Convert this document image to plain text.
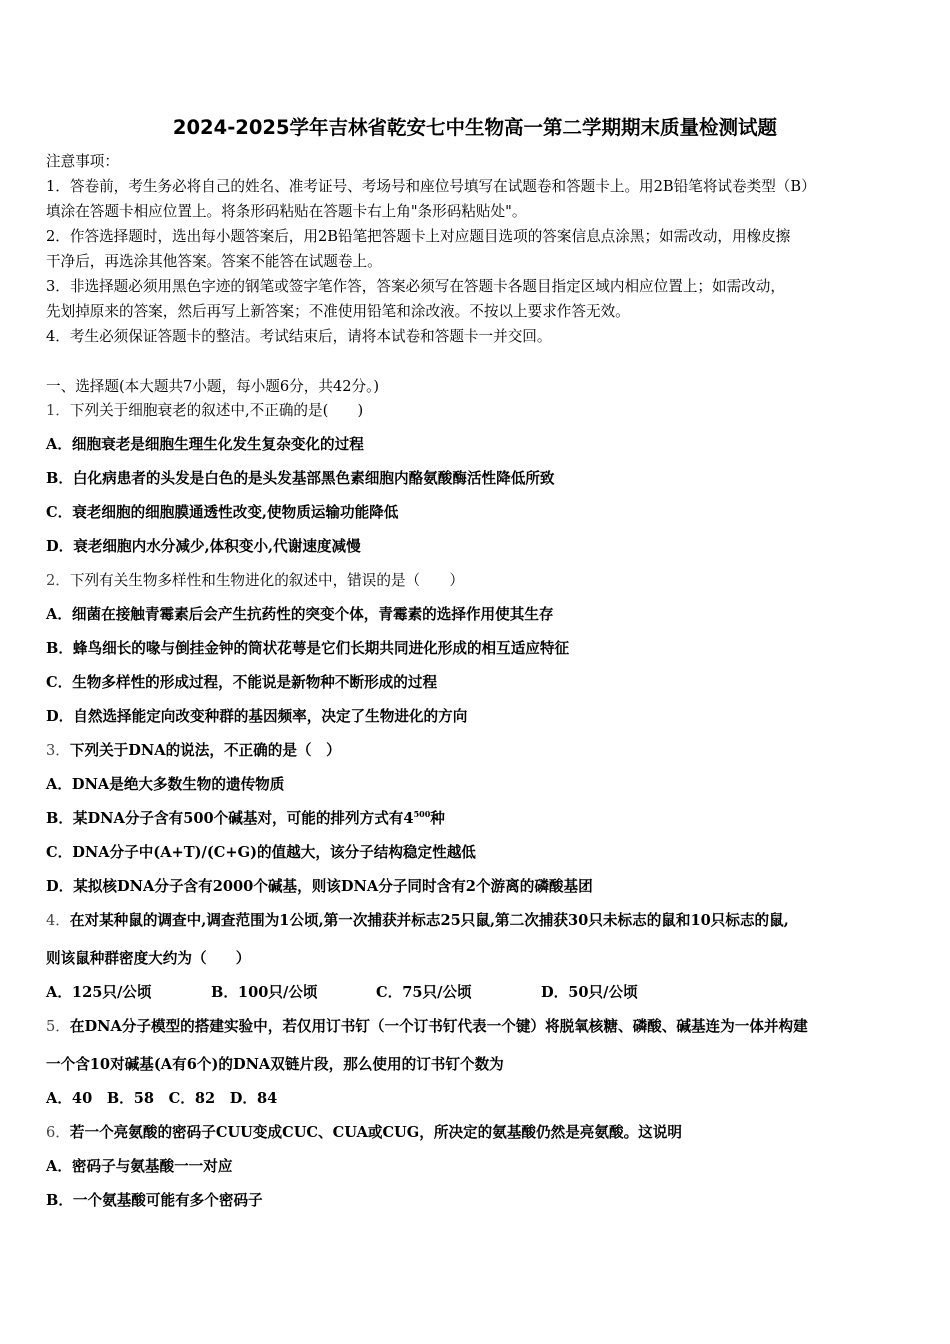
2024-2025学年吉林省乾安七中生物高一第二学期期末质量检测试题
注意事项：
1．答卷前，考生务必将自己的姓名、准考证号、考场号和座位号填写在试题卷和答题卡上。用2B铅笔将试卷类型（B）
填涂在答题卡相应位置上。将条形码粘贴在答题卡右上角"条形码粘贴处"。
2．作答选择题时，选出每小题答案后，用2B铅笔把答题卡上对应题目选项的答案信息点涂黑；如需改动，用橡皮擦
干净后，再选涂其他答案。答案不能答在试题卷上。
3．非选择题必须用黑色字迹的钢笔或签字笔作答，答案必须写在答题卡各题目指定区域内相应位置上；如需改动，
先划掉原来的答案，然后再写上新答案；不准使用铅笔和涂改液。不按以上要求作答无效。
4．考生必须保证答题卡的整洁。考试结束后，请将本试卷和答题卡一并交回。
一、选择题(本大题共7小题，每小题6分，共42分。)
1．下列关于细胞衰老的叙述中,不正确的是(　　)
A．细胞衰老是细胞生理生化发生复杂变化的过程
B．白化病患者的头发是白色的是头发基部黑色素细胞内酪氨酸酶活性降低所致
C．衰老细胞的细胞膜通透性改变,使物质运输功能降低
D．衰老细胞内水分减少,体积变小,代谢速度减慢
2．下列有关生物多样性和生物进化的叙述中，错误的是（　　）
A．细菌在接触青霉素后会产生抗药性的突变个体，青霉素的选择作用使其生存
B．蜂鸟细长的喙与倒挂金钟的筒状花萼是它们长期共同进化形成的相互适应特征
C．生物多样性的形成过程，不能说是新物种不断形成的过程
D．自然选择能定向改变种群的基因频率，决定了生物进化的方向
3．下列关于DNA的说法，不正确的是（　）
A．DNA是绝大多数生物的遗传物质
B．某DNA分子含有500个碱基对，可能的排列方式有$4^{500}$种
C．DNA分子中(A+T)/(C+G)的值越大，该分子结构稳定性越低
D．某拟核DNA分子含有2000个碱基，则该DNA分子同时含有2个游离的磷酸基团
4．在对某种鼠的调查中,调查范围为1公顷,第一次捕获并标志25只鼠,第二次捕获30只未标志的鼠和10只标志的鼠,
则该鼠种群密度大约为（　　）
A．125只/公顷	B．100只/公顷	C．75只/公顷	D．50只/公顷
5．在DNA分子模型的搭建实验中，若仅用订书钉（一个订书钉代表一个键）将脱氧核糖、磷酸、碱基连为一体并构建
一个含10对碱基(A有6个)的DNA双链片段，那么使用的订书钉个数为
A．40　B．58　C．82　D．84
6．若一个亮氨酸的密码子CUU变成CUC、CUA或CUG，所决定的氨基酸仍然是亮氨酸。这说明
A．密码子与氨基酸一一对应
B．一个氨基酸可能有多个密码子
